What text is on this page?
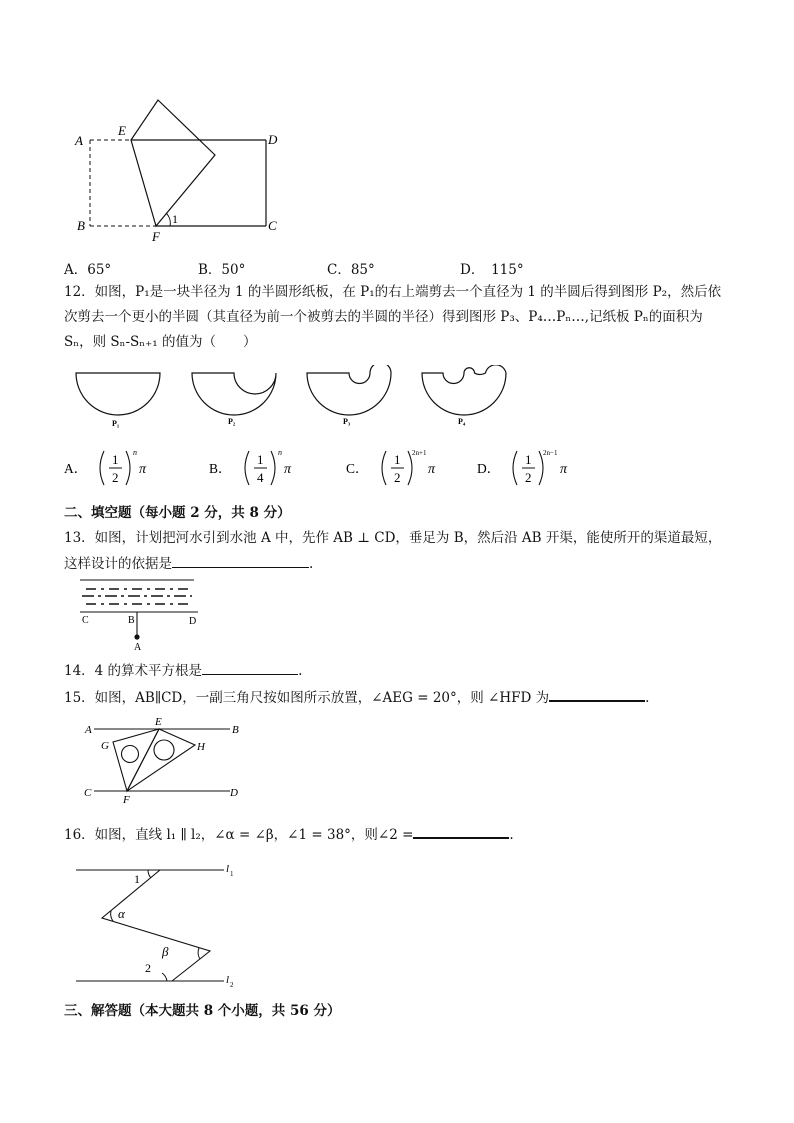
A
E
D
B
F
C
1
A．65°	B．50°	C．85°	D．　115°
12．如图，P₁是一块半径为 1 的半圆形纸板，在 P₁的右上端剪去一个直径为 1 的半圆后得到图形 P₂，然后依
次剪去一个更小的半圆（其直径为前一个被剪去的半圆的半径）得到图形 P₃、P₄…Pₙ…,记纸板 Pₙ的面积为
Sₙ，则 Sₙ-Sₙ₊₁ 的值为（　　）
P₁	P₂	P₃	P₄
A．
1
2
n
π	B．
1
4
n
π	C．
1
2
2n+1
π	D．
1
2
2n−1
π
二、填空题（每小题 2 分，共 8 分）
13．如图，计划把河水引到水池 A 中，先作 AB ⊥ CD，垂足为 B，然后沿 AB 开渠，能使所开的渠道最短，
这样设计的依据是	.
C	B	D
A
14．4 的算术平方根是	.
15．如图，AB∥CD，一副三角尺按如图所示放置，∠AEG = 20°，则 ∠HFD 为	.
A
E
B
G	H
C
F
D
16．如图，直线 l₁ ∥ l₂，∠α = ∠β，∠1 = 38°，则∠2 =	.
1
α
β
2
l 1
l 2
三、解答题（本大题共 8 个小题，共 56 分）
